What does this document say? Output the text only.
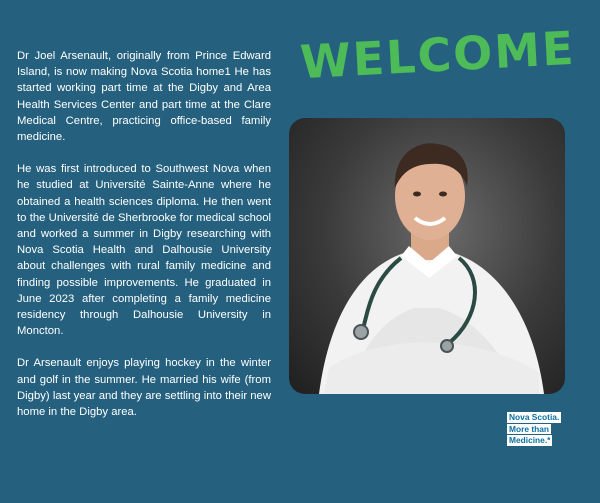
Dr Joel Arsenault, originally from Prince Edward Island, is now making Nova Scotia home1 He has started working part time at the Digby and Area Health Services Center and part time at the Clare Medical Centre, practicing office-based family medicine.

He was first introduced to Southwest Nova when he studied at Université Sainte-Anne where he obtained a health sciences diploma. He then went to the Université de Sherbrooke for medical school and worked a summer in Digby researching with Nova Scotia Health and Dalhousie University about challenges with rural family medicine and finding possible improvements. He graduated in June 2023 after completing a family medicine residency through Dalhousie University in Moncton.

Dr Arsenault enjoys playing hockey in the winter and golf in the summer. He married his wife (from Digby) last year and they are settling into their new home in the Digby area.

WELCOME
Nova Scotia.
More than
Medicine.*
